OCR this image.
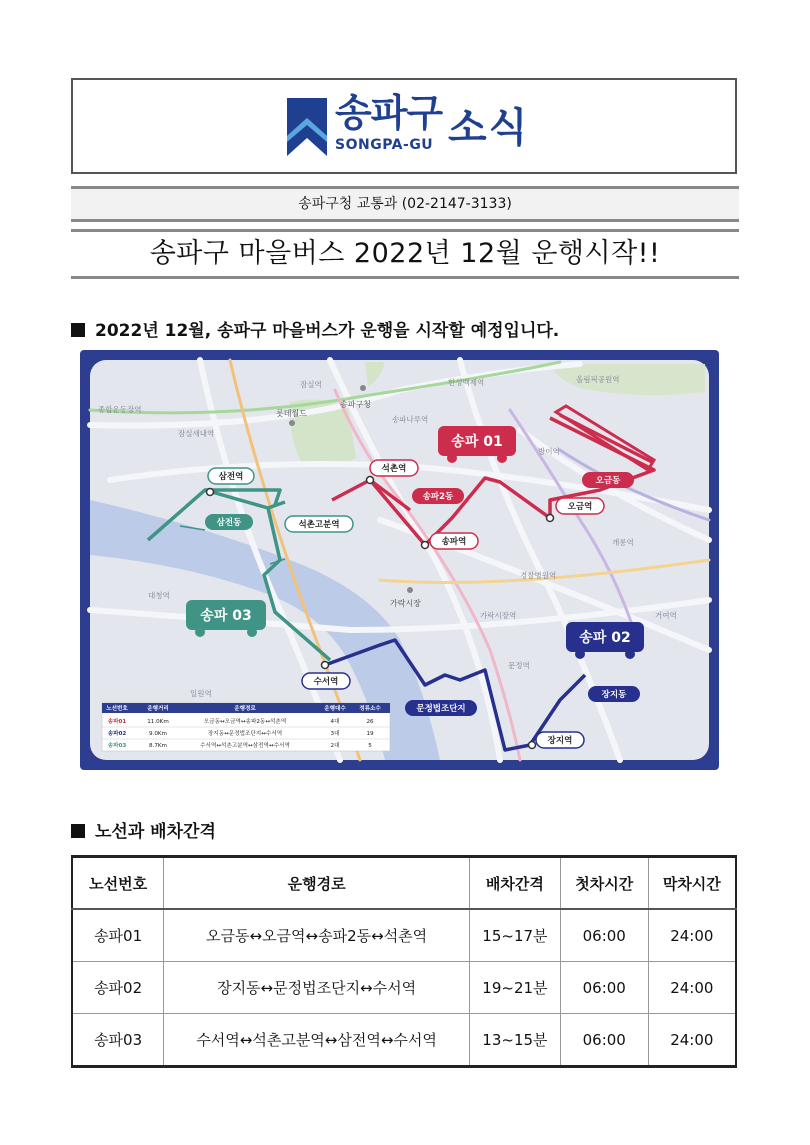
송파구
SONGPA-GU 소식
송파구청 교통과 (02-2147-3133)
송파구 마을버스 2022년 12월 운행시작!!
2022년 12월, 송파구 마을버스가 운행을 시작할 예정입니다.
잠실역
송파구청
롯데월드
종합운동장역
잠실새내역
한성백제역	올림픽공원역
송파나루역
방이역
개롱역
경찰병원역
가락시장
가락시장역	거여역
문정역
대청역
일원역
삼전역
삼전동	석촌고분역
석촌역
송파2동
송파역
오금역
오금동
수서역
문정법조단지
장지역
장지동
송파 01
송파 02
송파 03
노선번호	운행거리	운행경로	운행대수 정류소수
송파01	11.0Km	오금동↔오금역↔송파2동↔석촌역	4대	26
송파02	9.0Km	장지동↔문정법조단지↔수서역	3대	19
송파03	8.7Km	수서역↔석촌고분역↔삼전역↔수서역	2대	5
노선과 배차간격
노선번호	운행경로	배차간격	첫차시간	막차시간
송파01	오금동↔오금역↔송파2동↔석촌역	15~17분	06:00	24:00
송파02	장지동↔문정법조단지↔수서역	19~21분	06:00	24:00
송파03	수서역↔석촌고분역↔삼전역↔수서역	13~15분	06:00	24:00
